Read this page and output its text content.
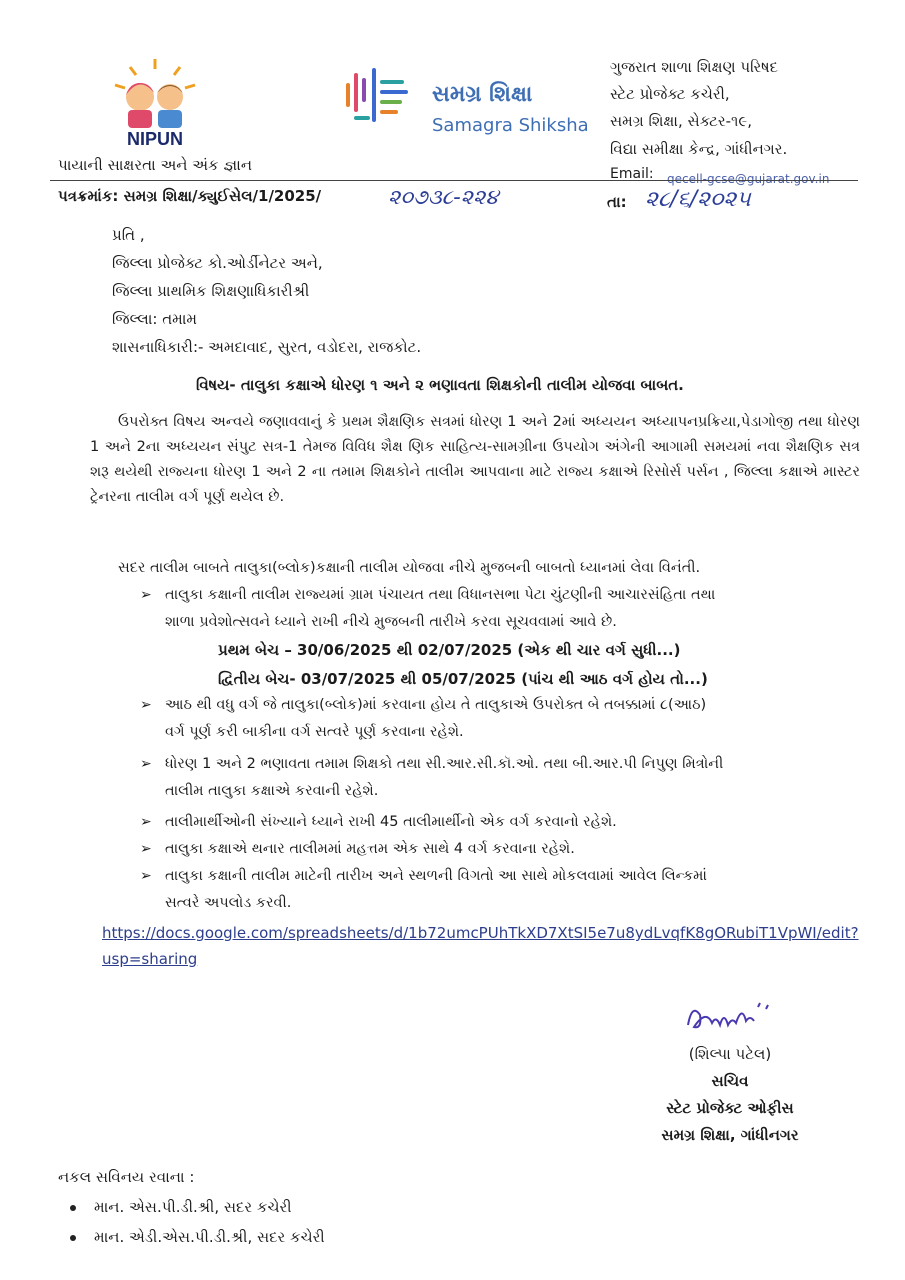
NIPUN
પાયાની સાક્ષરતા અને અંક જ્ઞાન
સમગ્ર શિક્ષા
Samagra Shiksha
ગુજરાત શાળા શિક્ષણ પરિષદ
સ્ટેટ પ્રોજેક્ટ કચેરી,
સમગ્ર શિક્ષા, સેક્ટર-૧૯,
વિદ્યા સમીક્ષા કેન્દ્ર, ગાંધીનગર.
Email: qecell-gcse@gujarat.gov.in
પત્રક્રમાંક: સમગ્ર શિક્ષા/ક્યુઈસેલ/1/2025/	૨૦૭૩૮-૨૨૪	તા: ૨૮/૬/૨૦૨૫
પ્રતિ ,
જિલ્લા પ્રોજેક્ટ કો.ઓર્ડીનેટર અને,
જિલ્લા પ્રાથમિક શિક્ષણાધિકારીશ્રી
જિલ્લા: તમામ
શાસનાધિકારી:- અમદાવાદ, સુરત, વડોદરા, રાજકોટ.
વિષય- તાલુકા કક્ષાએ ધોરણ ૧ અને ૨ ભણાવતા શિક્ષકોની તાલીમ યોજવા બાબત.
ઉપરોક્ત વિષય અન્વયે જણાવવાનું કે પ્રથમ શૈક્ષણિક સત્રમાં ધોરણ 1 અને 2માં અધ્યયન અધ્યાપનપ્રક્રિયા,પેડાગોજી તથા ધોરણ 1 અને 2ના અધ્યયન સંપુટ સત્ર-1 તેમજ વિવિધ શૈક્ષ ણિક સાહિત્ય-સામગ્રીના ઉપયોગ અંગેની આગામી સમયમાં નવા શૈક્ષણિક સત્ર શરૂ થયેથી રાજ્યના ધોરણ 1 અને 2 ના તમામ શિક્ષકોને તાલીમ આપવાના માટે રાજ્ય કક્ષાએ રિસોર્સ પર્સન , જિલ્લા કક્ષાએ માસ્ટર ટ્રેનરના તાલીમ વર્ગ પૂર્ણ થયેલ છે.
સદર તાલીમ બાબતે તાલુકા(બ્લોક)કક્ષાની તાલીમ યોજવા નીચે મુજબની બાબતો ધ્યાનમાં લેવા વિનંતી.
➢ તાલુકા કક્ષાની તાલીમ રાજ્યમાં ગ્રામ પંચાયત તથા વિધાનસભા પેટા ચુંટણીની આચારસંહિતા તથા
શાળા પ્રવેશોત્સવને ધ્યાને રાખી નીચે મુજબની તારીખે કરવા સૂચવવામાં આવે છે.
પ્રથમ બેચ – 30/06/2025 થી 02/07/2025 (એક થી ચાર વર્ગ સુધી...)
દ્વિતીય બેચ- 03/07/2025 થી 05/07/2025 (પાંચ થી આઠ વર્ગ હોય તો...)
➢ આઠ થી વધુ વર્ગ જે તાલુકા(બ્લોક)માં કરવાના હોય તે તાલુકાએ ઉપરોક્ત બે તબક્કામાં ૮(આઠ)
વર્ગ પૂર્ણ કરી બાકીના વર્ગ સત્વરે પૂર્ણ કરવાના રહેશે.
➢ ધોરણ 1 અને 2 ભણાવતા તમામ શિક્ષકો તથા સી.આર.સી.કૉ.ઓ. તથા બી.આર.પી નિપુણ મિત્રોની
તાલીમ તાલુકા કક્ષાએ કરવાની રહેશે.
➢ તાલીમાર્થીઓની સંખ્યાને ધ્યાને રાખી 45 તાલીમાર્થીનો એક વર્ગ કરવાનો રહેશે.
➢ તાલુકા કક્ષાએ થનાર તાલીમમાં મહત્તમ એક સાથે 4 વર્ગ કરવાના રહેશે.
➢ તાલુકા કક્ષાની તાલીમ માટેની તારીખ અને સ્થળની વિગતો આ સાથે મોકલવામાં આવેલ લિન્કમાં
સત્વરે અપલોડ કરવી.
https://docs.google.com/spreadsheets/d/1b72umcPUhTkXD7XtSI5e7u8ydLvqfK8gORubiT1VpWI/edit?usp=sharing
(શિલ્પા પટેલ)
સચિવ
સ્ટેટ પ્રોજેક્ટ ઓફીસ
સમગ્ર શિક્ષા, ગાંધીનગર
નકલ સવિનય રવાના :
માન. એસ.પી.ડી.શ્રી, સદર કચેરી
માન. એડી.એસ.પી.ડી.શ્રી, સદર કચેરી
